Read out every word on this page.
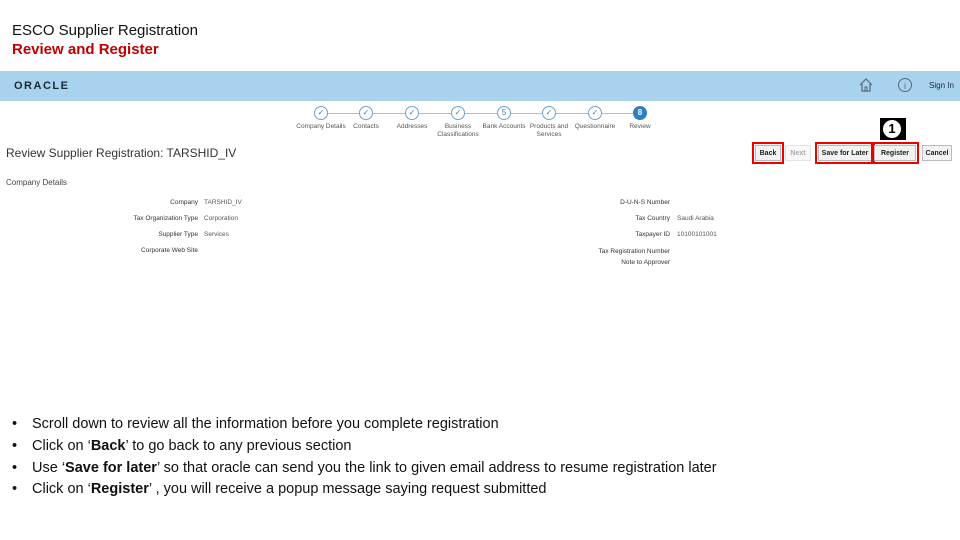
ESCO Supplier Registration
Review and Register
ORACLE	i	Sign In
✓
Company Details
✓
Contacts
✓
Addresses
✓
Business Classifications
5
Bank Accounts
✓
Products and Services
✓
Questionnaire
8
Review
Review Supplier Registration: TARSHID_IV
1
Back	Next	Save for Later	Register	Cancel
Company Details
Company TARSHID_IV
Tax Organization Type Corporation
Supplier Type Services
Corporate Web Site
D-U-N-S Number
Tax Country Saudi Arabia
Taxpayer ID 10100101001
Tax Registration Number
Note to Approver
• Scroll down to review all the information before you complete registration
• Click on ‘Back’ to go back to any previous section
• Use ‘Save for later’ so that oracle can send you the link to given email address to resume registration later
• Click on ‘Register’ , you will receive a popup message saying request submitted
